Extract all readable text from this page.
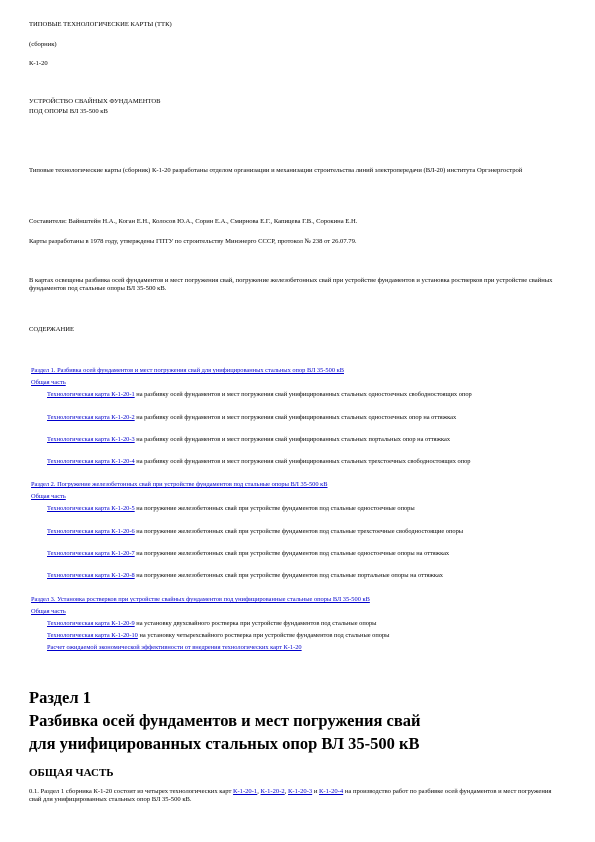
ТИПОВЫЕ ТЕХНОЛОГИЧЕСКИЕ КАРТЫ (ТТК)
(сборник)
К-1-20
УСТРОЙСТВО СВАЙНЫХ ФУНДАМЕНТОВ
ПОД ОПОРЫ ВЛ 35-500 кВ
Типовые технологические карты (сборник) К-1-20 разработаны отделом организации и механизации строительства линий электропередачи (ВЛ-20) института Оргэнергострой
Составители: Вайнштейн Н.А., Коган Е.Н., Колосов Ю.А., Сорин Е.А., Смирнова Е.Г., Капицева Г.В., Сорокина Е.Н.
Карты разработаны в 1978 году, утверждены ГПТУ по строительству Минэнерго СССР, протокол № 238 от 26.07.79.
В картах освещены разбивка осей фундаментов и мест погружения свай, погружение железобетонных свай при устройстве фундаментов и установка ростверков при устройстве свайных фундаментов под стальные опоры ВЛ 35-500 кВ.
СОДЕРЖАНИЕ
Раздел 1. Разбивка осей фундаментов и мест погружения свай для унифицированных стальных опор ВЛ 35-500 кВ
Общая часть
Технологическая карта К-1-20-1 на разбивку осей фундаментов и мест погружения свай унифицированных стальных одностоечных свободностоящих опор
Технологическая карта К-1-20-2 на разбивку осей фундаментов и мест погружения свай унифицированных стальных одностоечных опор на оттяжках
Технологическая карта К-1-20-3 на разбивку осей фундаментов и мест погружения свай унифицированных стальных портальных опор на оттяжках
Технологическая карта К-1-20-4 на разбивку осей фундаментов и мест погружения свай унифицированных стальных трехстоечных свободностоящих опор
Раздел 2. Погружение железобетонных свай при устройстве фундаментов под стальные опоры ВЛ 35-500 кВ
Общая часть
Технологическая карта К-1-20-5 на погружение железобетонных свай при устройстве фундаментов под стальные одностоечные опоры
Технологическая карта К-1-20-6 на погружение железобетонных свай при устройстве фундаментов под стальные трехстоечные свободностоящие опоры
Технологическая карта К-1-20-7 на погружение железобетонных свай при устройстве фундаментов под стальные одностоечные опоры на оттяжках
Технологическая карта К-1-20-8 на погружение железобетонных свай при устройстве фундаментов под стальные портальные опоры на оттяжках
Раздел 3. Установка ростверков при устройстве свайных фундаментов под унифицированные стальные опоры ВЛ 35-500 кВ
Общая часть
Технологическая карта К-1-20-9 на установку двухсвайного ростверка при устройстве фундаментов под стальные опоры
Технологическая карта К-1-20-10 на установку четырехсвайного ростверка при устройстве фундаментов под стальные опоры
Расчет ожидаемой экономической эффективности от внедрения технологических карт К-1-20
Раздел 1
Разбивка осей фундаментов и мест погружения свай
для унифицированных стальных опор ВЛ 35-500 кВ
ОБЩАЯ ЧАСТЬ
0.1. Раздел 1 сборника К-1-20 состоит из четырех технологических карт К-1-20-1, К-1-20-2, К-1-20-3 и К-1-20-4 на производство работ по разбивке осей фундаментов и мест погружения свай для унифицированных стальных опор ВЛ 35-500 кВ.
